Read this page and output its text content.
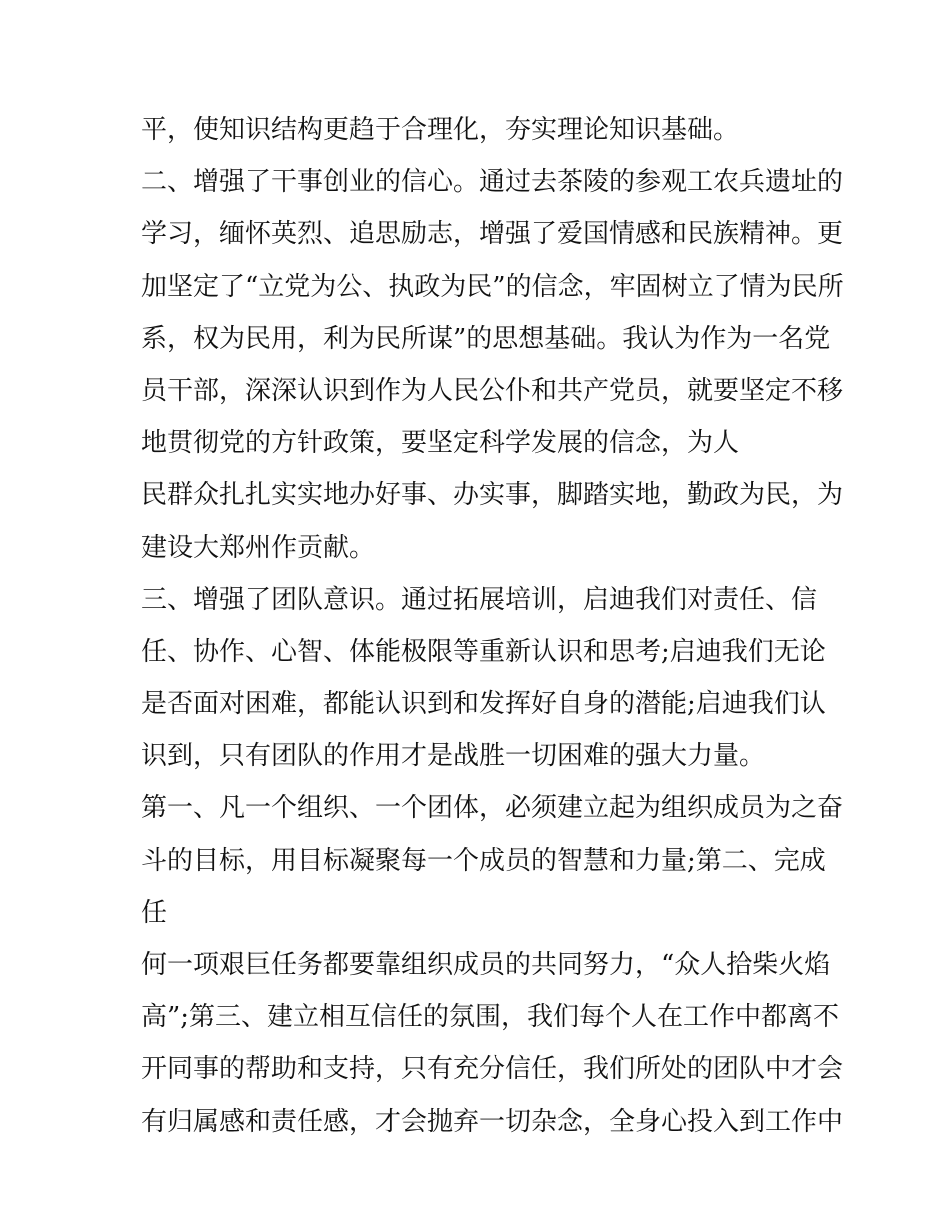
平，使知识结构更趋于合理化，夯实理论知识基础。
二、增强了干事创业的信心。通过去茶陵的参观工农兵遗址的
学习，缅怀英烈、追思励志，增强了爱国情感和民族精神。更
加坚定了“立党为公、执政为民”的信念，牢固树立了情为民所
系，权为民用，利为民所谋”的思想基础。我认为作为一名党
员干部，深深认识到作为人民公仆和共产党员，就要坚定不移
地贯彻党的方针政策，要坚定科学发展的信念，为人
民群众扎扎实实地办好事、办实事，脚踏实地，勤政为民，为
建设大郑州作贡献。
三、增强了团队意识。通过拓展培训，启迪我们对责任、信
任、协作、心智、体能极限等重新认识和思考;启迪我们无论
是否面对困难，都能认识到和发挥好自身的潜能;启迪我们认
识到，只有团队的作用才是战胜一切困难的强大力量。
第一、凡一个组织、一个团体，必须建立起为组织成员为之奋
斗的目标，用目标凝聚每一个成员的智慧和力量;第二、完成
任
何一项艰巨任务都要靠组织成员的共同努力，“众人拾柴火焰
高”;第三、建立相互信任的氛围，我们每个人在工作中都离不
开同事的帮助和支持，只有充分信任，我们所处的团队中才会
有归属感和责任感，才会抛弃一切杂念，全身心投入到工作中
